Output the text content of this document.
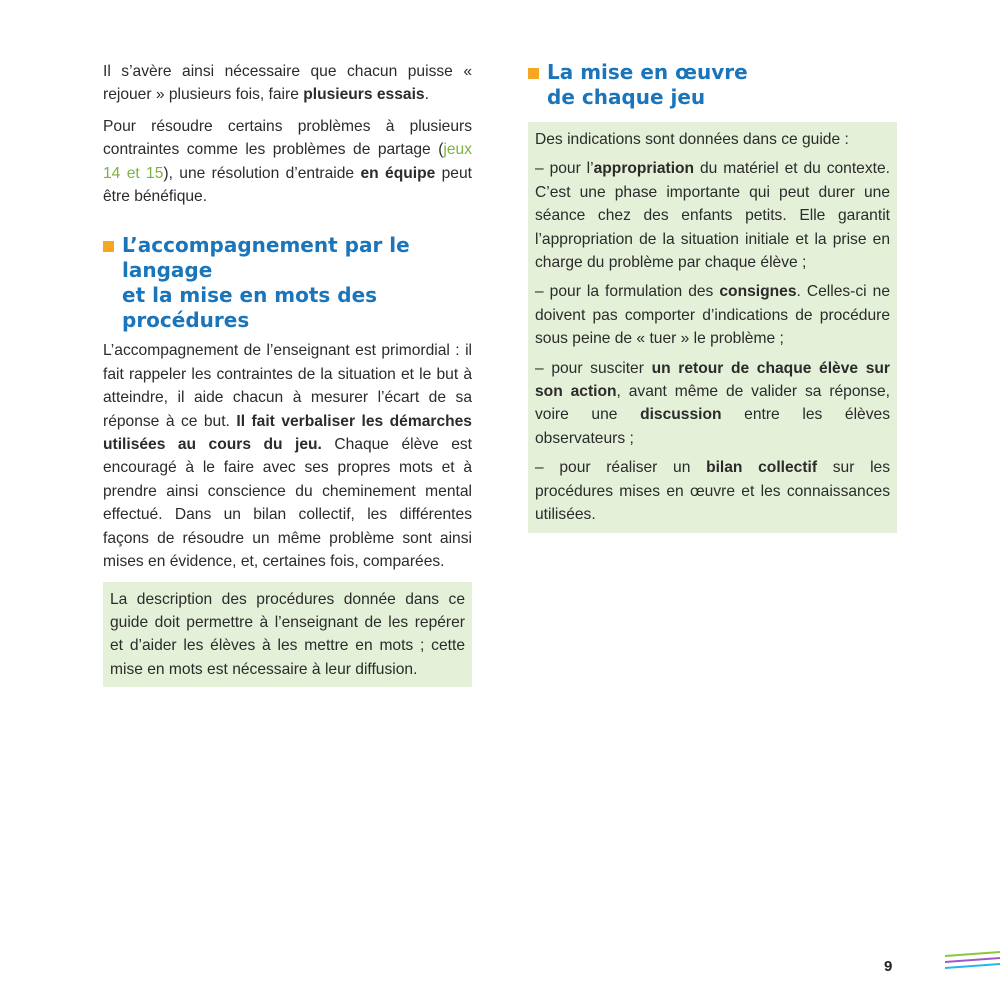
Il s’avère ainsi nécessaire que chacun puisse « rejouer » plusieurs fois, faire plusieurs essais.

Pour résoudre certains problèmes à plusieurs contraintes comme les problèmes de partage (jeux 14 et 15), une résolution d’entraide en équipe peut être bénéfique.

L’accompagnement par le langage
et la mise en mots des procédures

L’accompagnement de l’enseignant est primordial : il fait rappeler les contraintes de la situation et le but à atteindre, il aide chacun à mesurer l’écart de sa réponse à ce but. Il fait verbaliser les démarches utilisées au cours du jeu. Chaque élève est encouragé à le faire avec ses propres mots et à prendre ainsi conscience du cheminement mental effectué. Dans un bilan collectif, les différentes façons de résoudre un même problème sont ainsi mises en évidence, et, certaines fois, comparées.

La description des procédures donnée dans ce guide doit permettre à l’enseignant de les repérer et d’aider les élèves à les mettre en mots ; cette mise en mots est nécessaire à leur diffusion.

La mise en œuvre
de chaque jeu

Des indications sont données dans ce guide :

– pour l’appropriation du matériel et du contexte. C’est une phase importante qui peut durer une séance chez des enfants petits. Elle garantit l’appropriation de la situation initiale et la prise en charge du problème par chaque élève ;

– pour la formulation des consignes. Celles-ci ne doivent pas comporter d’indications de procédure sous peine de « tuer » le problème ;

– pour susciter un retour de chaque élève sur son action, avant même de valider sa réponse, voire une discussion entre les élèves observateurs ;

– pour réaliser un bilan collectif sur les procédures mises en œuvre et les connaissances utilisées.

9
